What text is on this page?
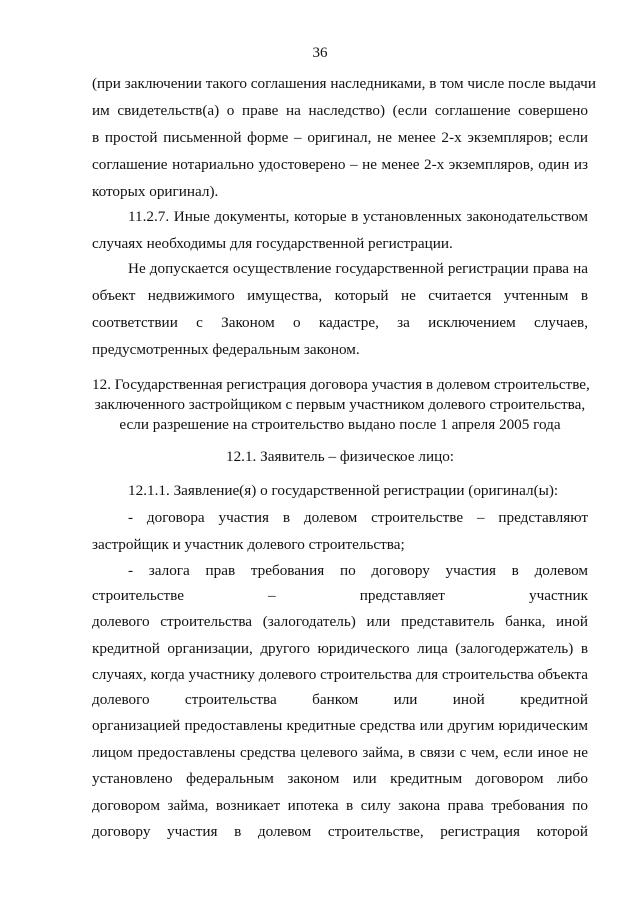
36
(при заключении такого соглашения наследниками, в том числе после выдачи
им свидетельств(а) о праве на наследство) (если соглашение совершено
в простой письменной форме – оригинал, не менее 2-х экземпляров; если
соглашение нотариально удостоверено – не менее 2-х экземпляров, один из
которых оригинал).
11.2.7. Иные документы, которые в установленных законодательством
случаях необходимы для государственной регистрации.
Не допускается осуществление государственной регистрации права на
объект недвижимого имущества, который не считается учтенным в
соответствии с Законом о кадастре, за исключением случаев,
предусмотренных федеральным законом.
12. Государственная регистрация договора участия в долевом строительстве,
заключенного застройщиком с первым участником долевого строительства,
если разрешение на строительство выдано после 1 апреля 2005 года
12.1. Заявитель – физическое лицо:
12.1.1. Заявление(я) о государственной регистрации (оригинал(ы):
- договора участия в долевом строительстве – представляют
застройщик и участник долевого строительства;
- залога прав требования по договору участия в долевом
строительстве – представляет участник
долевого строительства (залогодатель) или представитель банка, иной
кредитной организации, другого юридического лица (залогодержатель) в
случаях, когда участнику долевого строительства для строительства объекта
долевого строительства банком или иной кредитной
организацией предоставлены кредитные средства или другим юридическим
лицом предоставлены средства целевого займа, в связи с чем, если иное не
установлено федеральным законом или кредитным договором либо
договором займа, возникает ипотека в силу закона права требования по
договору участия в долевом строительстве, регистрация которой
